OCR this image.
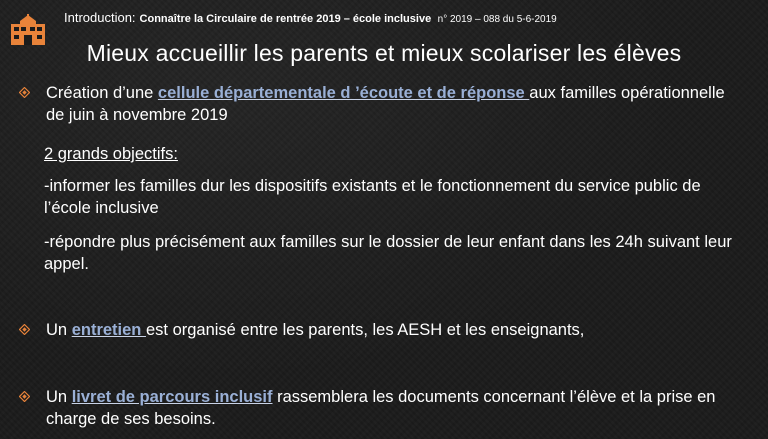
Introduction: Connaître la Circulaire de rentrée 2019 – école inclusive n° 2019 – 088 du 5-6-2019
Mieux accueillir les parents et mieux scolariser les élèves
Création d’une cellule départementale d ’écoute et de réponse aux familles opérationnelle de juin à novembre 2019
2 grands objectifs:
-informer les familles dur les dispositifs existants et le fonctionnement du service public de l’école inclusive
-répondre plus précisément aux familles sur le dossier de leur enfant dans les 24h suivant leur appel.
Un entretien est organisé entre les parents, les AESH et les enseignants,
Un livret de parcours inclusif rassemblera les documents concernant l’élève et la prise en charge de ses besoins.
